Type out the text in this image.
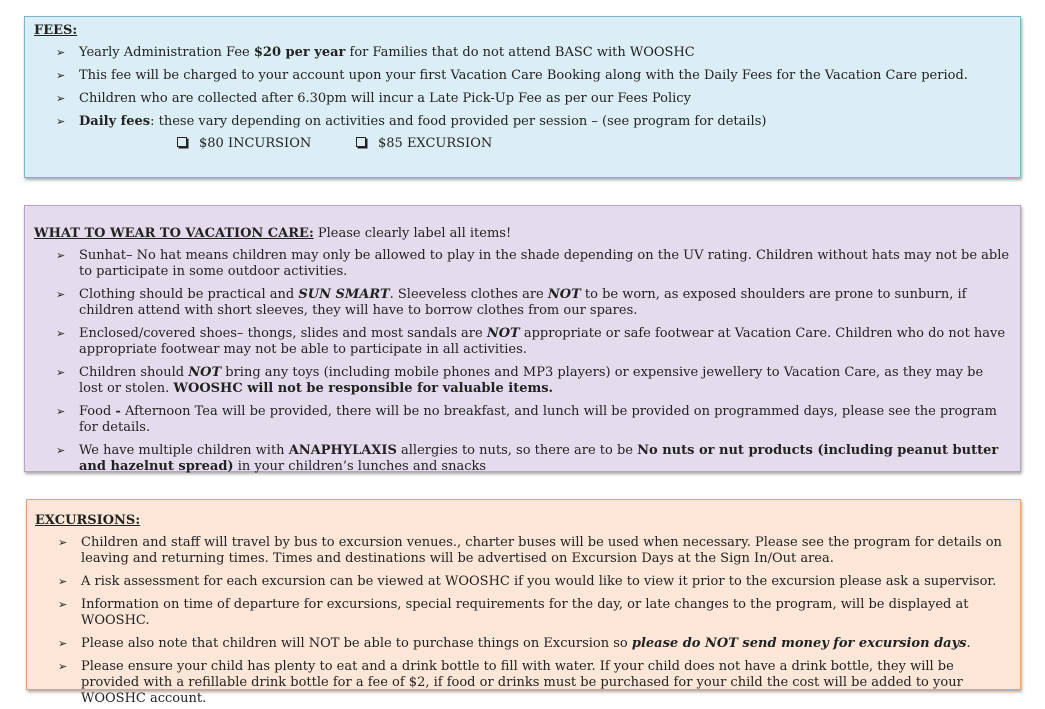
FEES:
➢ Yearly Administration Fee $20 per year for Families that do not attend BASC with WOOSHC
➢ This fee will be charged to your account upon your first Vacation Care Booking along with the Daily Fees for the Vacation Care period.
➢ Children who are collected after 6.30pm will incur a Late Pick-Up Fee as per our Fees Policy
➢ Daily fees: these vary depending on activities and food provided per session – (see program for details)
$80 INCURSION	$85 EXCURSION
WHAT TO WEAR TO VACATION CARE: Please clearly label all items!
➢ Sunhat– No hat means children may only be allowed to play in the shade depending on the UV rating. Children without hats may not be able to participate in some outdoor activities.
➢ Clothing should be practical and SUN SMART. Sleeveless clothes are NOT to be worn, as exposed shoulders are prone to sunburn, if children attend with short sleeves, they will have to borrow clothes from our spares.
➢ Enclosed/covered shoes– thongs, slides and most sandals are NOT appropriate or safe footwear at Vacation Care. Children who do not have appropriate footwear may not be able to participate in all activities.
➢ Children should NOT bring any toys (including mobile phones and MP3 players) or expensive jewellery to Vacation Care, as they may be lost or stolen. WOOSHC will not be responsible for valuable items.
➢ Food - Afternoon Tea will be provided, there will be no breakfast, and lunch will be provided on programmed days, please see the program for details.
➢ We have multiple children with ANAPHYLAXIS allergies to nuts, so there are to be No nuts or nut products (including peanut butter and hazelnut spread) in your children’s lunches and snacks
EXCURSIONS:
➢ Children and staff will travel by bus to excursion venues., charter buses will be used when necessary. Please see the program for details on leaving and returning times. Times and destinations will be advertised on Excursion Days at the Sign In/Out area.
➢ A risk assessment for each excursion can be viewed at WOOSHC if you would like to view it prior to the excursion please ask a supervisor.
➢ Information on time of departure for excursions, special requirements for the day, or late changes to the program, will be displayed at WOOSHC.
➢ Please also note that children will NOT be able to purchase things on Excursion so please do NOT send money for excursion days.
➢ Please ensure your child has plenty to eat and a drink bottle to fill with water. If your child does not have a drink bottle, they will be provided with a refillable drink bottle for a fee of $2, if food or drinks must be purchased for your child the cost will be added to your WOOSHC account.
